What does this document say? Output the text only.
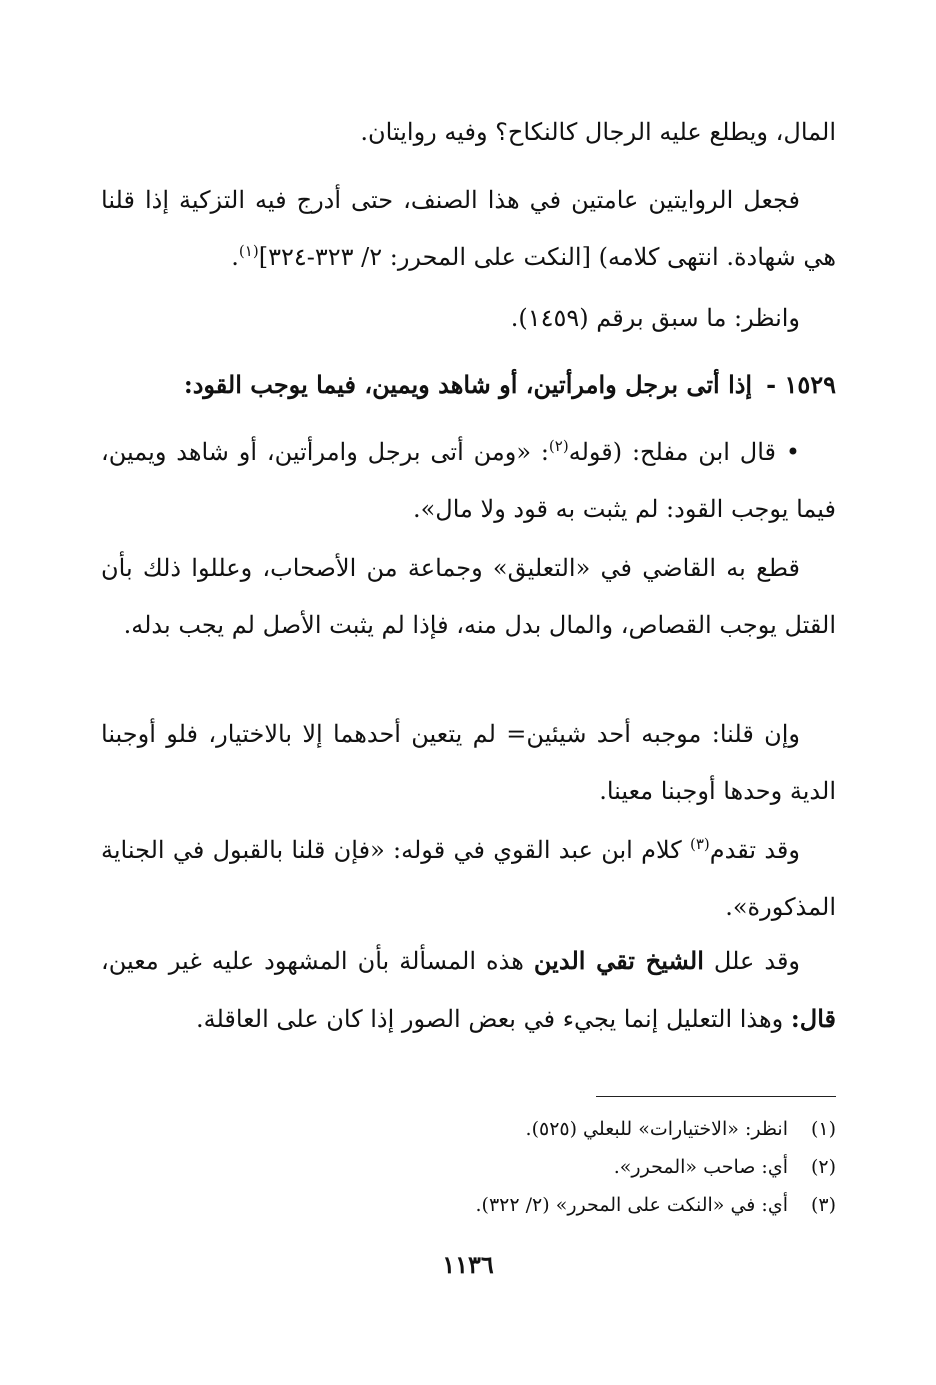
المال، ويطلع عليه الرجال كالنكاح؟ وفيه روايتان.

فجعل الروايتين عامتين في هذا الصنف، حتى أدرج فيه التزكية إذا قلنا هي شهادة. انتهى كلامه) [النكت على المحرر: ٢/ ٣٢٣-٣٢٤]$^{(١)}$.

وانظر: ما سبق برقم (١٤٥٩).

١٥٢٩ -إذا أتى برجل وامرأتين، أو شاهد ويمين، فيما يوجب القود:

• قال ابن مفلح: (قوله$^{(٢)}$: «ومن أتى برجل وامرأتين، أو شاهد ويمين، فيما يوجب القود: لم يثبت به قود ولا مال».

قطع به القاضي في «التعليق» وجماعة من الأصحاب، وعللوا ذلك بأن القتل يوجب القصاص، والمال بدل منه، فإذا لم يثبت الأصل لم يجب بدله.

وإن قلنا: موجبه أحد شيئين= لم يتعين أحدهما إلا بالاختيار، فلو أوجبنا الدية وحدها أوجبنا معينا.

وقد تقدم$^{(٣)}$ كلام ابن عبد القوي في قوله: «فإن قلنا بالقبول في الجناية المذكورة».

وقد علل الشيخ تقي الدين هذه المسألة بأن المشهود عليه غير معين، قال: وهذا التعليل إنما يجيء في بعض الصور إذا كان على العاقلة.

(١)انظر: «الاختيارات» للبعلي (٥٢٥).
(٢)أي: صاحب «المحرر».
(٣)أي: في «النكت على المحرر» (٢/ ٣٢٢).
١١٣٦
